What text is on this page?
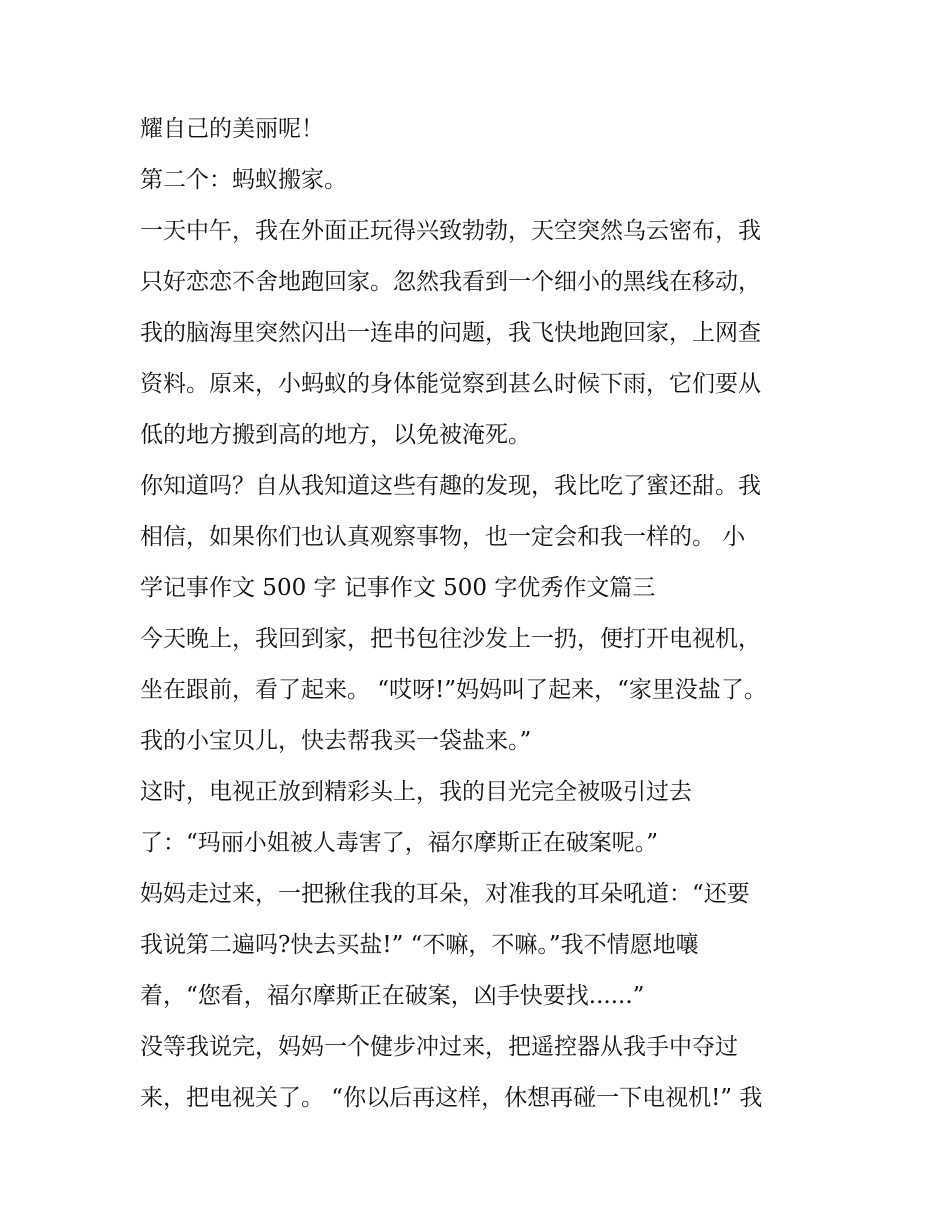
耀自己的美丽呢！
第二个：蚂蚁搬家。
一天中午，我在外面正玩得兴致勃勃，天空突然乌云密布，我
只好恋恋不舍地跑回家。忽然我看到一个细小的黑线在移动，
我的脑海里突然闪出一连串的问题，我飞快地跑回家，上网查
资料。原来，小蚂蚁的身体能觉察到甚么时候下雨，它们要从
低的地方搬到高的地方，以免被淹死。
你知道吗？自从我知道这些有趣的发现，我比吃了蜜还甜。我
相信，如果你们也认真观察事物，也一定会和我一样的。 小
学记事作文 500 字 记事作文 500 字优秀作文篇三
今天晚上，我回到家，把书包往沙发上一扔，便打开电视机，
坐在跟前，看了起来。 “哎呀!”妈妈叫了起来，“家里没盐了。
我的小宝贝儿，快去帮我买一袋盐来。”
这时，电视正放到精彩头上，我的目光完全被吸引过去
了：“玛丽小姐被人毒害了，福尔摩斯正在破案呢。”
妈妈走过来，一把揪住我的耳朵，对准我的耳朵吼道：“还要
我说第二遍吗?快去买盐!” “不嘛，不嘛。”我不情愿地嚷
着，“您看，福尔摩斯正在破案，凶手快要找......”
没等我说完，妈妈一个健步冲过来，把遥控器从我手中夺过
来，把电视关了。 “你以后再这样，休想再碰一下电视机!” 我
